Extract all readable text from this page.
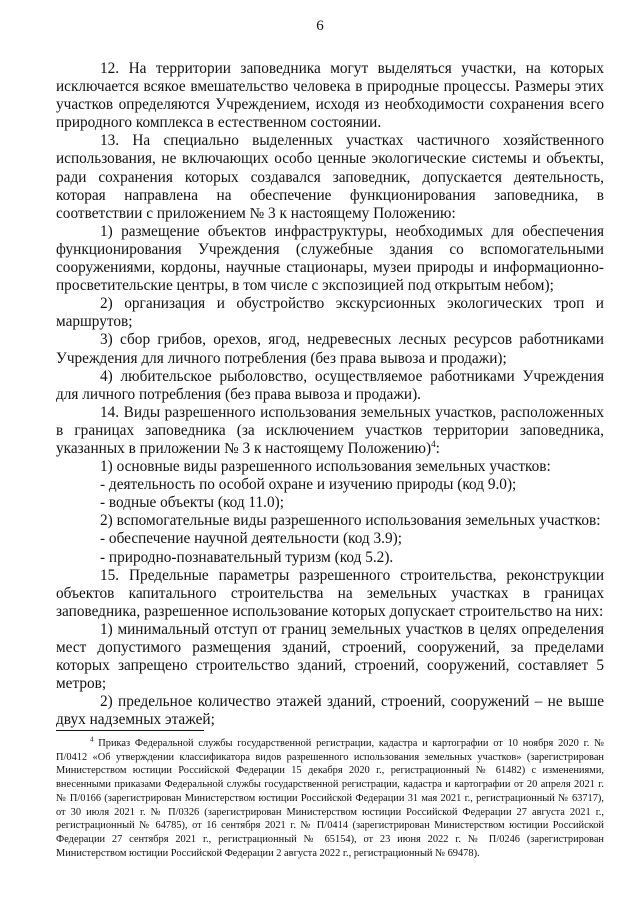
6

12. На территории заповедника могут выделяться участки, на которых исключается всякое вмешательство человека в природные процессы. Размеры этих участков определяются Учреждением, исходя из необходимости сохранения всего природного комплекса в естественном состоянии.

13. На специально выделенных участках частичного хозяйственного использования, не включающих особо ценные экологические системы и объекты, ради сохранения которых создавался заповедник, допускается деятельность, которая направлена на обеспечение функционирования заповедника, в соответствии с приложением № 3 к настоящему Положению:

1) размещение объектов инфраструктуры, необходимых для обеспечения функционирования Учреждения (служебные здания со вспомогательными сооружениями, кордоны, научные стационары, музеи природы и информационно-просветительские центры, в том числе с экспозицией под открытым небом);

2) организация и обустройство экскурсионных экологических троп и маршрутов;

3) сбор грибов, орехов, ягод, недревесных лесных ресурсов работниками Учреждения для личного потребления (без права вывоза и продажи);

4) любительское рыболовство, осуществляемое работниками Учреждения для личного потребления (без права вывоза и продажи).

14. Виды разрешенного использования земельных участков, расположенных в границах заповедника (за исключением участков территории заповедника, указанных в приложении № 3 к настоящему Положению)$^4$:

1) основные виды разрешенного использования земельных участков:

- деятельность по особой охране и изучению природы (код 9.0);

- водные объекты (код 11.0);

2) вспомогательные виды разрешенного использования земельных участков:

- обеспечение научной деятельности (код 3.9);

- природно-познавательный туризм (код 5.2).

15. Предельные параметры разрешенного строительства, реконструкции объектов капитального строительства на земельных участках в границах заповедника, разрешенное использование которых допускает строительство на них:

1) минимальный отступ от границ земельных участков в целях определения мест допустимого размещения зданий, строений, сооружений, за пределами которых запрещено строительство зданий, строений, сооружений, составляет 5 метров;

2) предельное количество этажей зданий, строений, сооружений – не выше двух надземных этажей;

$^4$ Приказ Федеральной службы государственной регистрации, кадастра и картографии от 10 ноября 2020 г. № П/0412 «Об утверждении классификатора видов разрешенного использования земельных участков» (зарегистрирован Министерством юстиции Российской Федерации 15 декабря 2020 г., регистрационный № 61482) с изменениями, внесенными приказами Федеральной службы государственной регистрации, кадастра и картографии от 20 апреля 2021 г. № П/0166 (зарегистрирован Министерством юстиции Российской Федерации 31 мая 2021 г., регистрационный № 63717), от 30 июля 2021 г. № П/0326 (зарегистрирован Министерством юстиции Российской Федерации 27 августа 2021 г., регистрационный № 64785), от 16 сентября 2021 г. № П/0414 (зарегистрирован Министерством юстиции Российской Федерации 27 сентября 2021 г., регистрационный № 65154), от 23 июня 2022 г. № П/0246 (зарегистрирован Министерством юстиции Российской Федерации 2 августа 2022 г., регистрационный № 69478).
